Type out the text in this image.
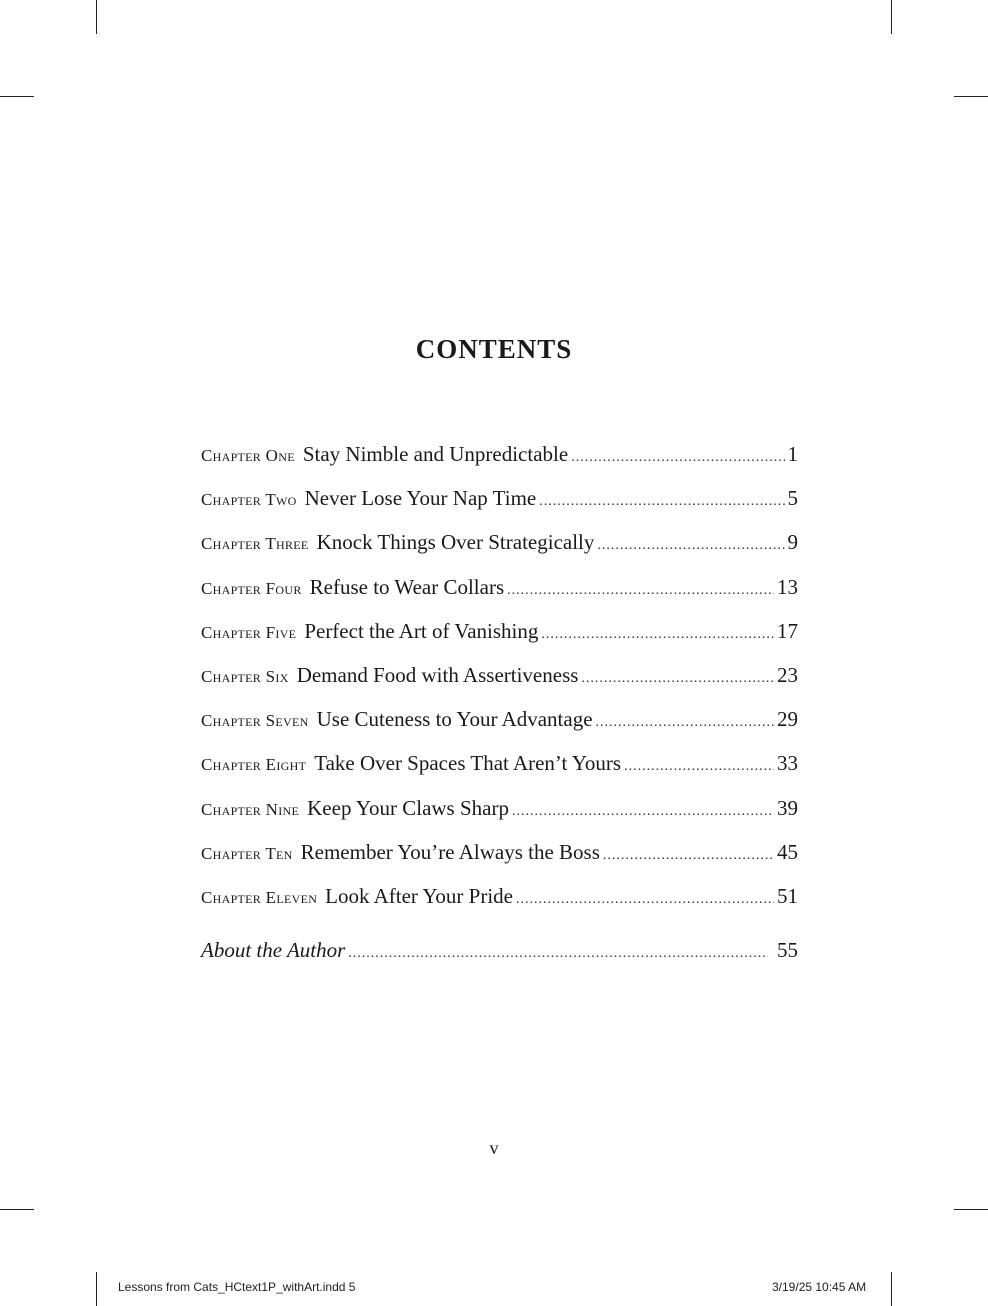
CONTENTS
Chapter One Stay Nimble and Unpredictable .....	1
Chapter Two Never Lose Your Nap Time .....	5
Chapter Three Knock Things Over Strategically .....	9
Chapter Four Refuse to Wear Collars .....	13
Chapter Five Perfect the Art of Vanishing .....	17
Chapter Six Demand Food with Assertiveness .....	23
Chapter Seven Use Cuteness to Your Advantage .....	29
Chapter Eight Take Over Spaces That Aren’t Yours .....	33
Chapter Nine Keep Your Claws Sharp .....	39
Chapter Ten Remember You’re Always the Boss .....	45
Chapter Eleven Look After Your Pride .....	51
About the Author .....	55
v
Lessons from Cats_HCtext1P_withArt.indd 5	3/19/25 10:45 AM
